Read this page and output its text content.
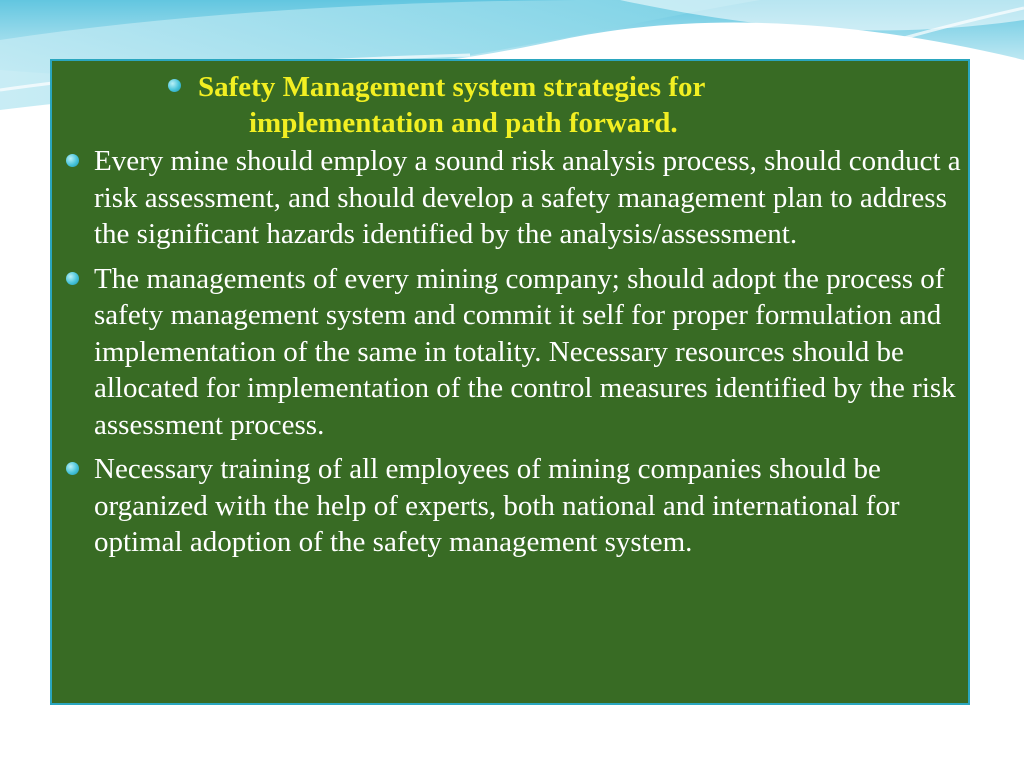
Safety Management system strategies for
implementation and path forward.
Every mine should employ a sound risk analysis process, should conduct a risk assessment, and should develop a safety management plan to address the significant hazards identified by the analysis/assessment.
The managements of every mining company; should adopt the process of safety management system and commit it self for proper formulation and implementation of the same in totality. Necessary resources should be allocated for implementation of the control measures identified by the risk assessment process.
Necessary training of all employees of mining companies should be organized with the help of experts, both national and international for optimal adoption of the safety management system.
